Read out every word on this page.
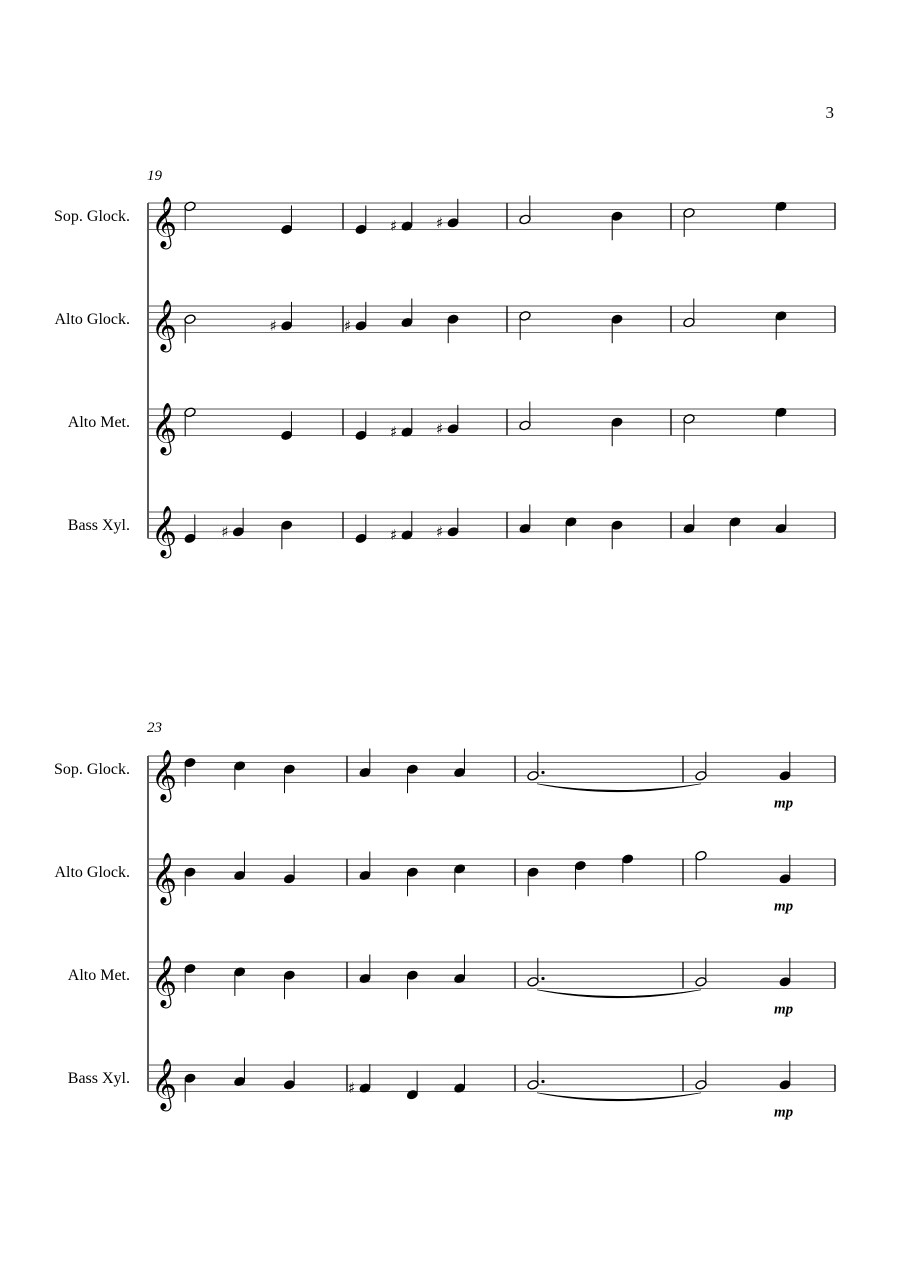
3
𝄞	♯	♯
𝄞	♯	♯
𝄞	♯	♯
𝄞	♯	♯	♯
𝄞
mp
𝄞
mp
𝄞
mp
𝄞	♯
mp
19
Sop. Glock.
Alto Glock.
Alto Met.
Bass Xyl.
23
Sop. Glock.
Alto Glock.
Alto Met.
Bass Xyl.
